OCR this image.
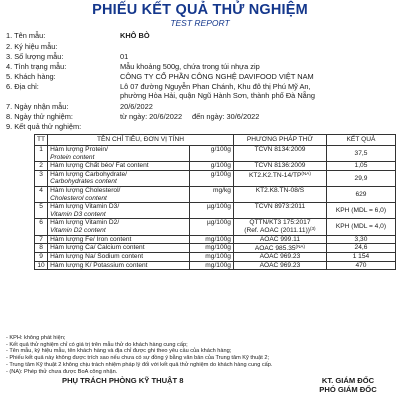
PHIẾU KẾT QUẢ THỬ NGHIỆM
TEST REPORT
1. Tên mẫu:	KHÔ BÒ
2. Ký hiệu mẫu:
3. Số lượng mẫu:	01
4. Tình trạng mẫu:	Mẫu khoảng 500g, chứa trong túi nhựa zip
5. Khách hàng:	CÔNG TY CỔ PHẦN CÔNG NGHỆ DAVIFOOD VIỆT NAM
6. Địa chỉ:	Lô 07 đường Nguyễn Phan Chánh, Khu đô thị Phú Mỹ An,
phường Hòa Hải, quận Ngũ Hành Sơn, thành phố Đà Nẵng
7. Ngày nhận mẫu:	20/6/2022
8. Ngày thử nghiệm:	từ ngày: 20/6/2022 đến ngày: 30/6/2022
9. Kết quả thử nghiệm:
TT	TÊN CHỈ TIÊU, ĐƠN VỊ TÍNH		PHƯƠNG PHÁP THỬ	KẾT QUẢ
1	Hàm lượng Protein/
Protein content	g/100g	TCVN 8134:2009	37,5
2	Hàm lượng Chất béo/ Fat content	g/100g	TCVN 8136:2009	1,05
3	Hàm lượng Carbohydrate/
Carbohydrates content	g/100g	$KT2.K2.TN-14/TP^{(NA)}$	29,9
4	Hàm lượng Cholesterol/
Cholesterol content	mg/kg	KT2.K8.TN-08/S	629
5	Hàm lượng Vitamin D3/
Vitamin D3 content	µg/100g	TCVN 8973:2011	KPH (MDL = 6,0)
6	Hàm lượng Vitamin D2/
Vitamin D2 content	µg/100g	QTTN/KT3 175:2017
(Ref. AOAC (2011.11))$^{(3)}$	KPH (MDL = 4,0)
7	Hàm lượng Fe/ Iron content	mg/100g	AOAC 999.11	3,30
8	Hàm lượng Ca/ Calcium content	mg/100g	AOAC $985.35^{(NA)}$	24,6
9	Hàm lượng Na/ Sodium content	mg/100g	AOAC 969.23	1 154
10	Hàm lượng K/ Potassium content	mg/100g	AOAC 969.23	470
- KPH: không phát hiện;
- Kết quả thử nghiệm chỉ có giá trị trên mẫu thử do khách hàng cung cấp;
- Tên mẫu, ký hiệu mẫu, tên khách hàng và địa chỉ được ghi theo yêu cầu của khách hàng;
- Phiếu kết quả này không được trích sao nếu chưa có sự đồng ý bằng văn bản của Trung tâm Kỹ thuật 2;
- Trung tâm Kỹ thuật 2 không chịu trách nhiệm pháp lý đối với kết quả thử nghiệm do khách hàng cung cấp.
- (NA): Phép thử chưa được BoA công nhận.
PHỤ TRÁCH PHÒNG KỸ THUẬT 8	KT. GIÁM ĐỐC
PHÓ GIÁM ĐỐC
